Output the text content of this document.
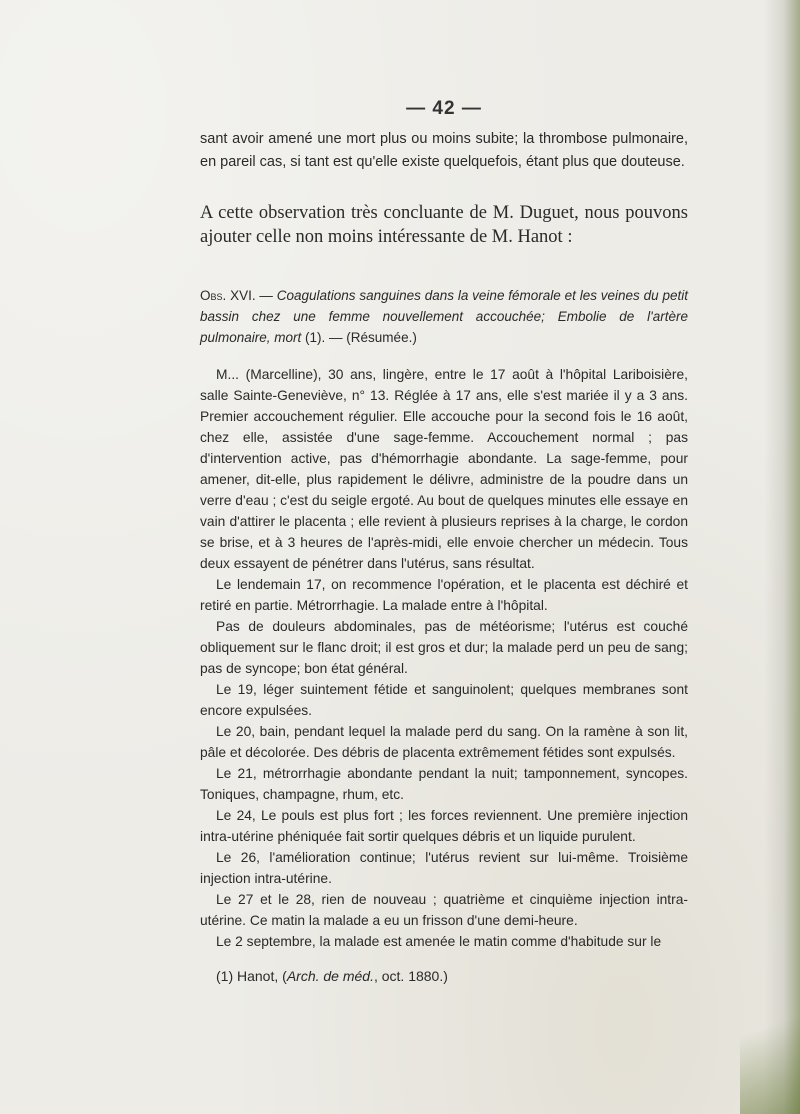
— 42 —

sant avoir amené une mort plus ou moins subite; la thrombose pulmonaire, en pareil cas, si tant est qu'elle existe quelquefois, étant plus que douteuse.

A cette observation très concluante de M. Duguet, nous pouvons ajouter celle non moins intéressante de M. Hanot :

Obs. XVI. — Coagulations sanguines dans la veine fémorale et les veines du petit bassin chez une femme nouvellement accouchée; Embolie de l'artère pulmonaire, mort (1). — (Résumée.)

M... (Marcelline), 30 ans, lingère, entre le 17 août à l'hôpital Lariboisière, salle Sainte-Geneviève, n° 13. Réglée à 17 ans, elle s'est mariée il y a 3 ans. Premier accouchement régulier. Elle accouche pour la second fois le 16 août, chez elle, assistée d'une sage-femme. Accouchement normal ; pas d'intervention active, pas d'hémorrhagie abondante. La sage-femme, pour amener, dit-elle, plus rapidement le délivre, administre de la poudre dans un verre d'eau ; c'est du seigle ergoté. Au bout de quelques minutes elle essaye en vain d'attirer le placenta ; elle revient à plusieurs reprises à la charge, le cordon se brise, et à 3 heures de l'après-midi, elle envoie chercher un médecin. Tous deux essayent de pénétrer dans l'utérus, sans résultat.

Le lendemain 17, on recommence l'opération, et le placenta est déchiré et retiré en partie. Métrorrhagie. La malade entre à l'hôpital.

Pas de douleurs abdominales, pas de météorisme; l'utérus est couché obliquement sur le flanc droit; il est gros et dur; la malade perd un peu de sang; pas de syncope; bon état général.

Le 19, léger suintement fétide et sanguinolent; quelques membranes sont encore expulsées.

Le 20, bain, pendant lequel la malade perd du sang. On la ramène à son lit, pâle et décolorée. Des débris de placenta extrêmement fétides sont expulsés.

Le 21, métrorrhagie abondante pendant la nuit; tamponnement, syncopes. Toniques, champagne, rhum, etc.

Le 24, Le pouls est plus fort ; les forces reviennent. Une première injection intra-utérine phéniquée fait sortir quelques débris et un liquide purulent.

Le 26, l'amélioration continue; l'utérus revient sur lui-même. Troisième injection intra-utérine.

Le 27 et le 28, rien de nouveau ; quatrième et cinquième injection intra-utérine. Ce matin la malade a eu un frisson d'une demi-heure.

Le 2 septembre, la malade est amenée le matin comme d'habitude sur le

(1) Hanot, (Arch. de méd., oct. 1880.)
